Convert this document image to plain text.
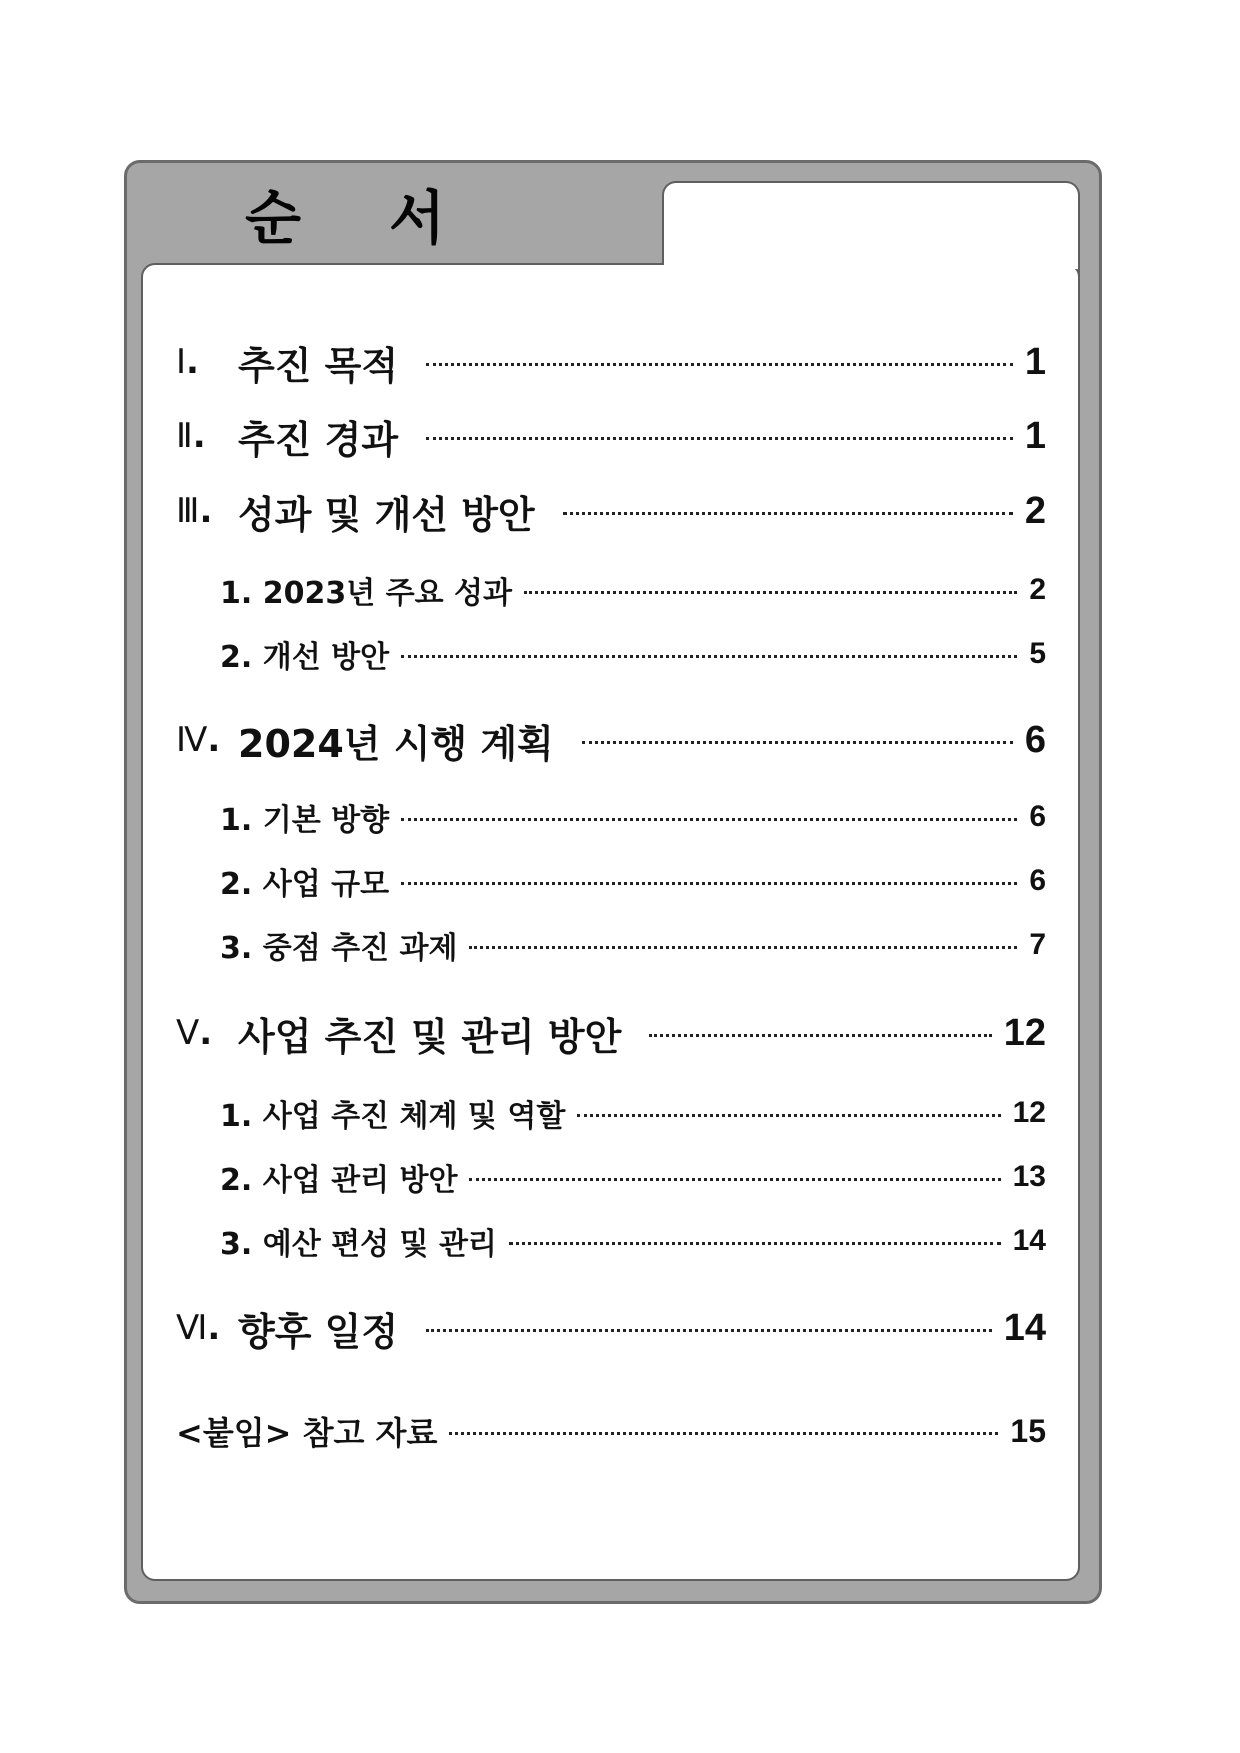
순서
Ⅰ.	추진 목적	1
Ⅱ. 추진 경과	1
Ⅲ. 성과 및 개선 방안	2
1. 2023년 주요 성과	2
2. 개선 방안	5
Ⅳ. 2024년 시행 계획	6
1. 기본 방향	6
2. 사업 규모	6
3. 중점 추진 과제	7
Ⅴ. 사업 추진 및 관리 방안	12
1. 사업 추진 체계 및 역할	12
2. 사업 관리 방안	13
3. 예산 편성 및 관리	14
Ⅵ. 향후 일정	14
<붙임> 참고 자료	15
